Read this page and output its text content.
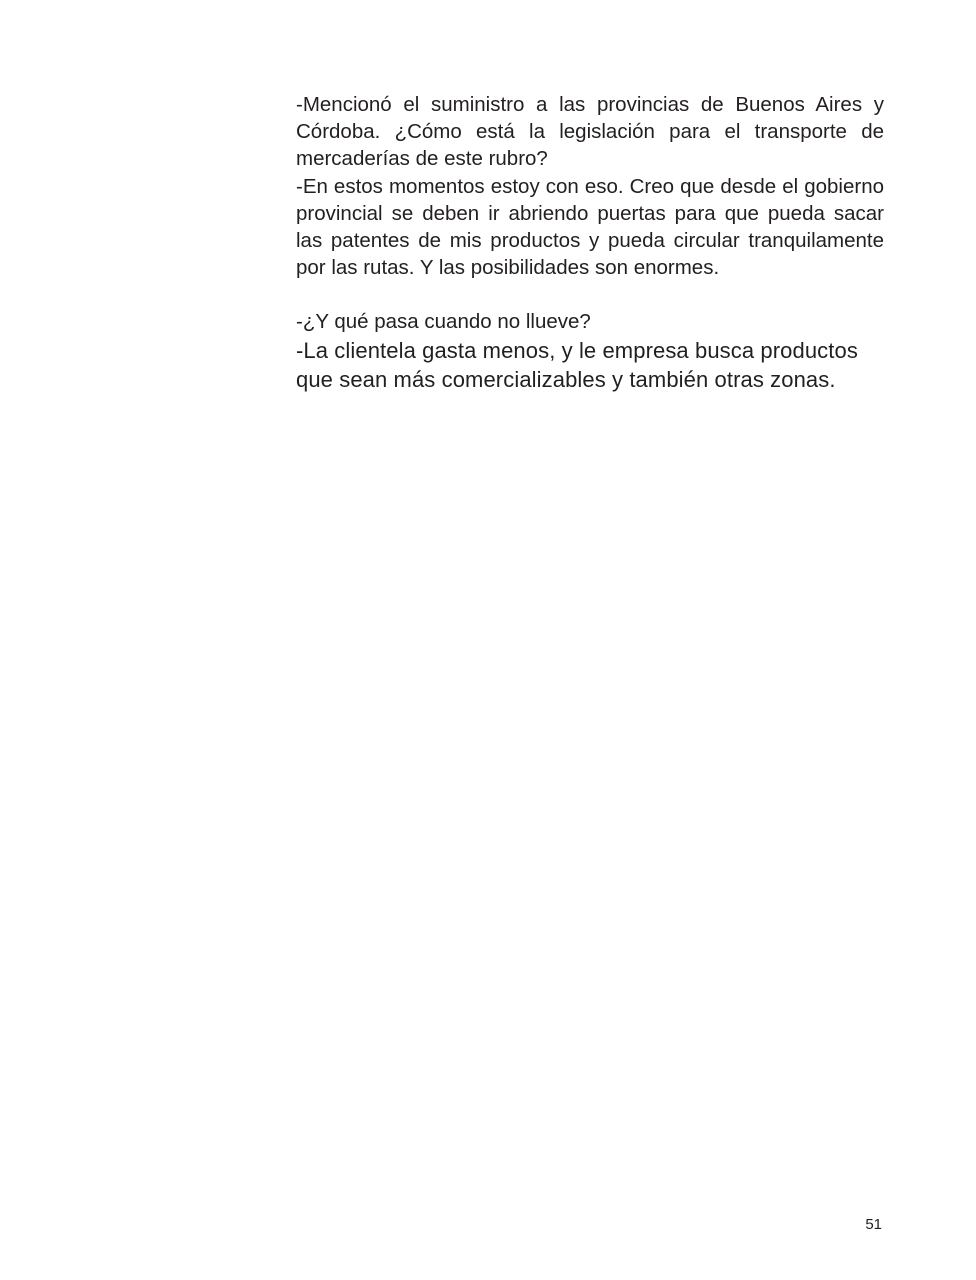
-Mencionó el suministro a las provincias de Buenos Aires y Córdoba. ¿Cómo está la legislación para el transporte de mercaderías de este rubro?

-En estos momentos estoy con eso. Creo que desde el gobierno provincial se deben ir abriendo puertas para que pueda sacar las patentes de mis productos y pueda circular tranquilamente por las rutas. Y las posibilidades son enormes.

-¿Y qué pasa cuando no llueve?

-La clientela gasta menos, y le empresa busca productos que sean más comercializables y también otras zonas.

51
